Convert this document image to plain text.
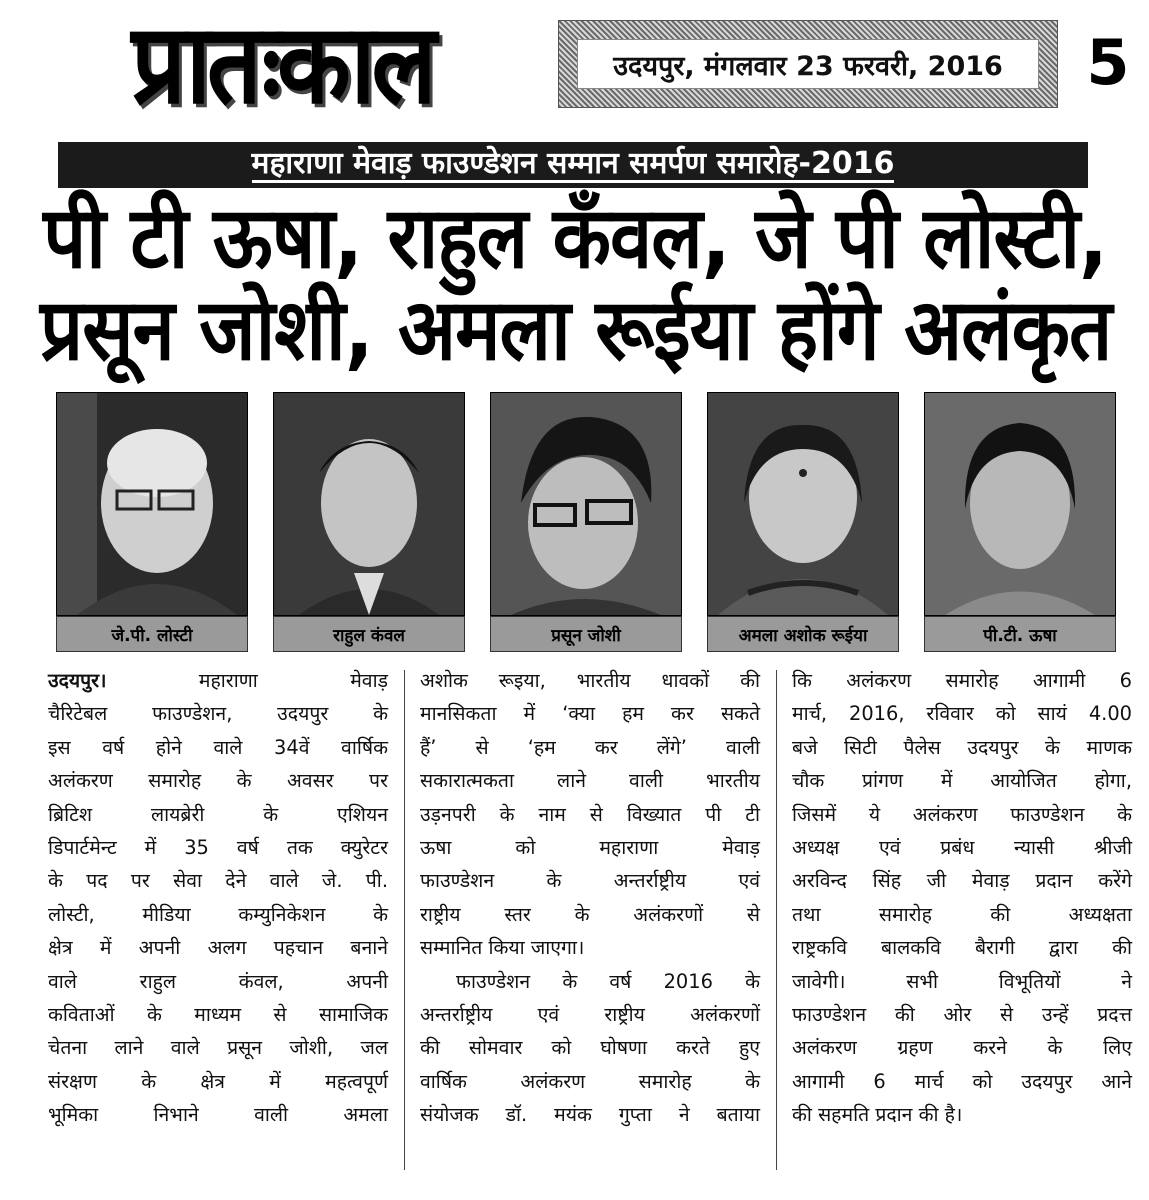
प्रातःकाल	उदयपुर, मंगलवार 23 फरवरी, 2016	5
महाराणा मेवाड़ फाउण्डेशन सम्मान समर्पण समारोह-2016
पी टी ऊषा, राहुल कँवल, जे पी लोस्टी,
प्रसून जोशी, अमला रूईया होंगे अलंकृत
जे.पी. लोस्टी	राहुल कंवल	प्रसून जोशी	अमला अशोक रूईया	पी.टी. ऊषा
उदयपुर।	महाराणा मेवाड़
चैरिटेबल फाउण्डेशन, उदयपुर के
इस वर्ष होने वाले 34वें वार्षिक
अलंकरण समारोह के अवसर पर
ब्रिटिश लायब्रेरी के एशियन
डिपार्टमेन्ट में 35 वर्ष तक क्युरेटर
के पद पर सेवा देने वाले जे. पी.
लोस्टी, मीडिया कम्युनिकेशन के
क्षेत्र में अपनी अलग पहचान बनाने
वाले राहुल कंवल, अपनी
कविताओं के माध्यम से सामाजिक
चेतना लाने वाले प्रसून जोशी, जल
संरक्षण के क्षेत्र में महत्वपूर्ण
भूमिका निभाने वाली अमला
अशोक रूइया, भारतीय धावकों की
मानसिकता में ‘क्या हम कर सकते
हैं’ से ‘हम कर लेंगे’ वाली
सकारात्मकता लाने वाली भारतीय
उड़नपरी के नाम से विख्यात पी टी
ऊषा को महाराणा मेवाड़
फाउण्डेशन के अन्तर्राष्ट्रीय एवं
राष्ट्रीय स्तर के अलंकरणों से
सम्मानित किया जाएगा।
फाउण्डेशन के वर्ष 2016 के
अन्तर्राष्ट्रीय एवं राष्ट्रीय अलंकरणों
की सोमवार को घोषणा करते हुए
वार्षिक अलंकरण समारोह के
संयोजक डॉ. मयंक गुप्ता ने बताया
कि अलंकरण समारोह आगामी 6
मार्च, 2016, रविवार को सायं 4.00
बजे सिटी पैलेस उदयपुर के माणक
चौक प्रांगण में आयोजित होगा,
जिसमें ये अलंकरण फाउण्डेशन के
अध्यक्ष एवं प्रबंध न्यासी श्रीजी
अरविन्द सिंह जी मेवाड़ प्रदान करेंगे
तथा समारोह की अध्यक्षता
राष्ट्रकवि बालकवि बैरागी द्वारा की
जावेगी। सभी विभूतियों ने
फाउण्डेशन की ओर से उन्हें प्रदत्त
अलंकरण ग्रहण करने के लिए
आगामी 6 मार्च को उदयपुर आने
की सहमति प्रदान की है।
